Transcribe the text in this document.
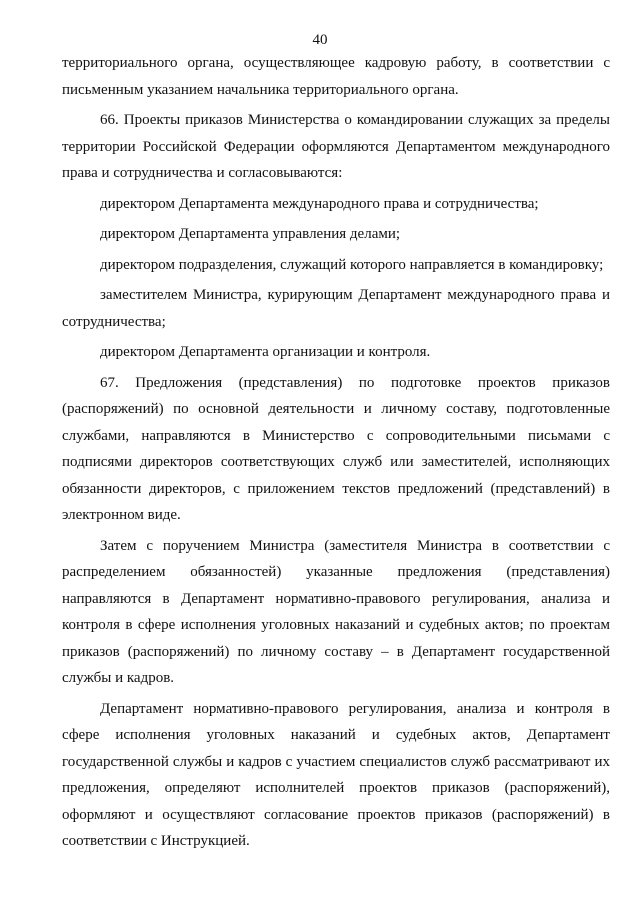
40

территориального органа, осуществляющее кадровую работу, в соответствии с письменным указанием начальника территориального органа.

66. Проекты приказов Министерства о командировании служащих за пределы территории Российской Федерации оформляются Департаментом международного права и сотрудничества и согласовываются:

директором Департамента международного права и сотрудничества;

директором Департамента управления делами;

директором подразделения, служащий которого направляется в командировку;

заместителем Министра, курирующим Департамент международного права и сотрудничества;

директором Департамента организации и контроля.

67. Предложения (представления) по подготовке проектов приказов (распоряжений) по основной деятельности и личному составу, подготовленные службами, направляются в Министерство с сопроводительными письмами с подписями директоров соответствующих служб или заместителей, исполняющих обязанности директоров, с приложением текстов предложений (представлений) в электронном виде.

Затем с поручением Министра (заместителя Министра в соответствии с распределением обязанностей) указанные предложения (представления) направляются в Департамент нормативно-правового регулирования, анализа и контроля в сфере исполнения уголовных наказаний и судебных актов; по проектам приказов (распоряжений) по личному составу – в Департамент государственной службы и кадров.

Департамент нормативно-правового регулирования, анализа и контроля в сфере исполнения уголовных наказаний и судебных актов, Департамент государственной службы и кадров с участием специалистов служб рассматривают их предложения, определяют исполнителей проектов приказов (распоряжений), оформляют и осуществляют согласование проектов приказов (распоряжений) в соответствии с Инструкцией.
